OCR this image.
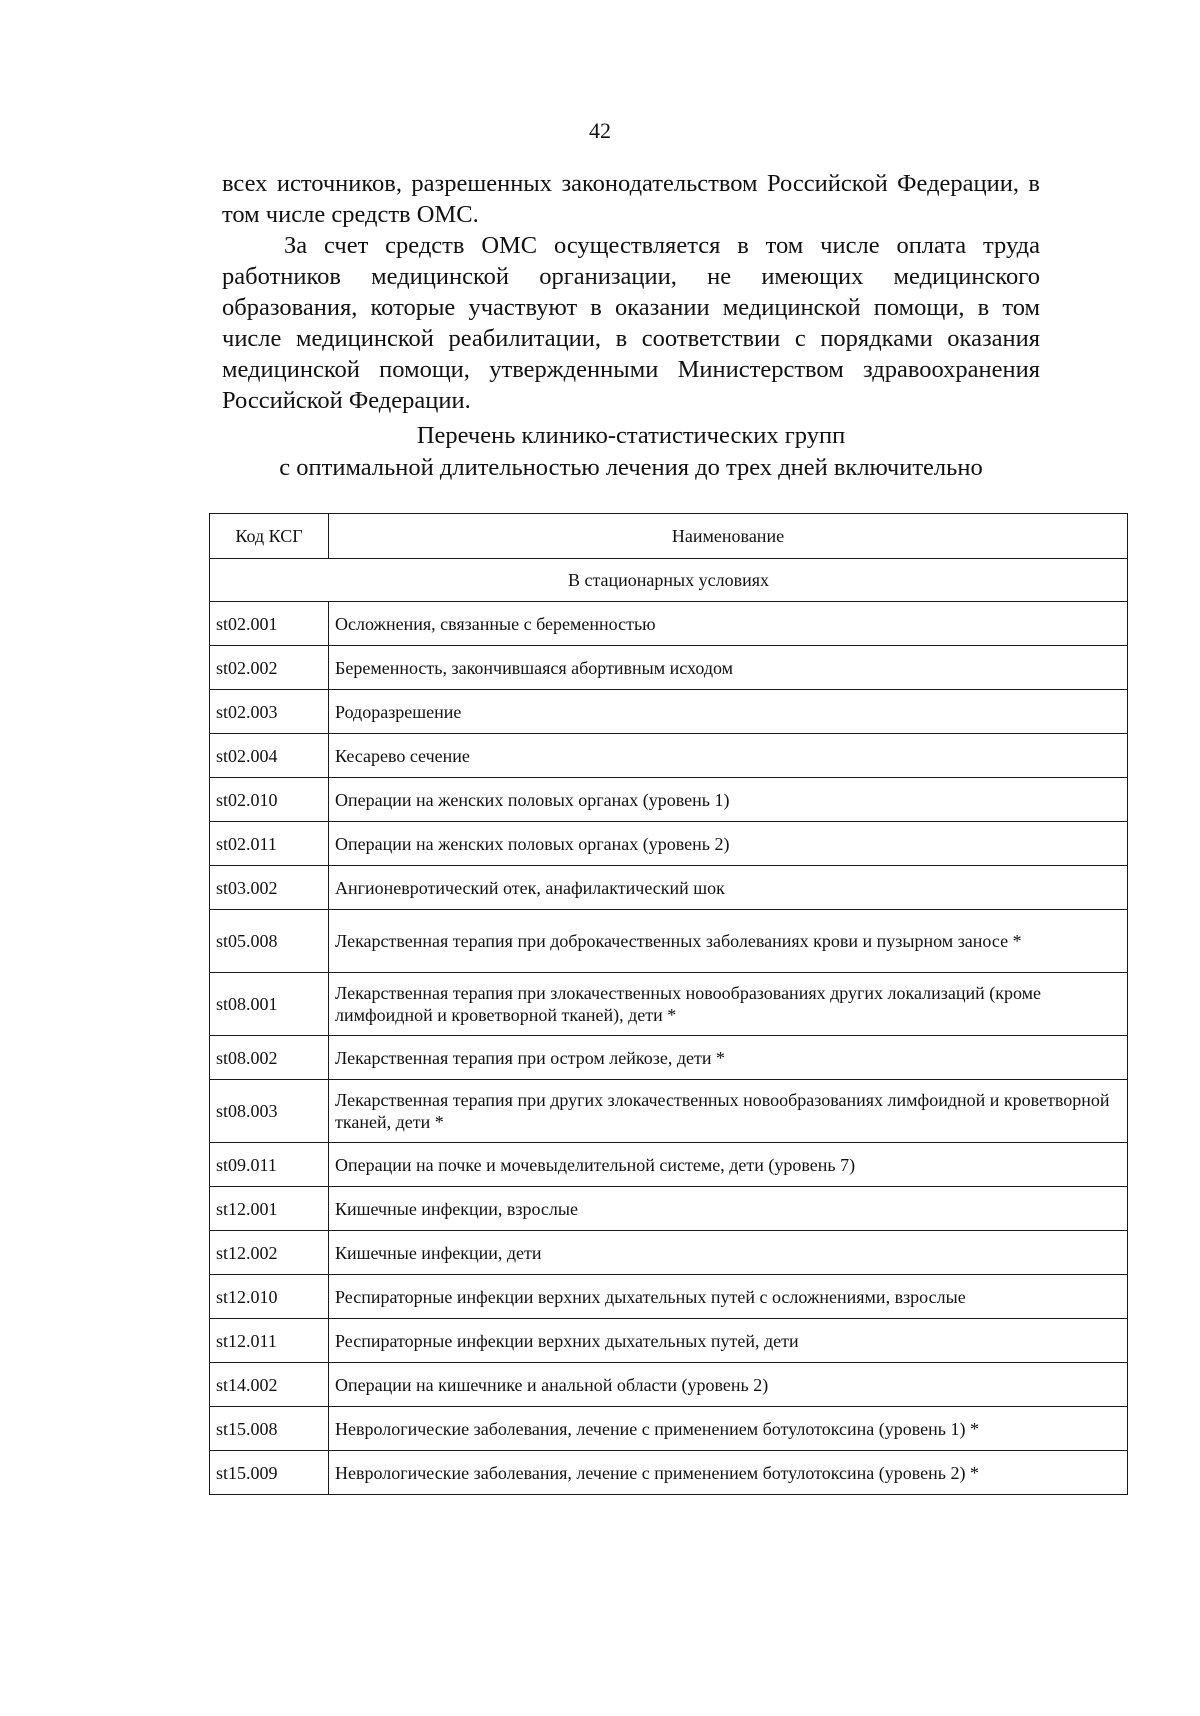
42

всех источников, разрешенных законодательством Российской Федерации, в том числе средств ОМС.

За счет средств ОМС осуществляется в том числе оплата труда работников медицинской организации, не имеющих медицинского образования, которые участвуют в оказании медицинской помощи, в том числе медицинской реабилитации, в соответствии с порядками оказания медицинской помощи, утвержденными Министерством здравоохранения Российской Федерации.

Перечень клинико-статистических групп
с оптимальной длительностью лечения до трех дней включительно
Код КСГ	Наименование
В стационарных условиях	
st02.001	Осложнения, связанные с беременностью
st02.002	Беременность, закончившаяся абортивным исходом
st02.003	Родоразрешение
st02.004	Кесарево сечение
st02.010	Операции на женских половых органах (уровень 1)
st02.011	Операции на женских половых органах (уровень 2)
st03.002	Ангионевротический отек, анафилактический шок
st05.008	Лекарственная терапия при доброкачественных заболеваниях крови и пузырном заносе *
st08.001	Лекарственная терапия при злокачественных новообразованиях других локализаций (кроме лимфоидной и кроветворной тканей), дети *
st08.002	Лекарственная терапия при остром лейкозе, дети *
st08.003	Лекарственная терапия при других злокачественных новообразованиях лимфоидной и кроветворной тканей, дети *
st09.011	Операции на почке и мочевыделительной системе, дети (уровень 7)
st12.001	Кишечные инфекции, взрослые
st12.002	Кишечные инфекции, дети
st12.010	Респираторные инфекции верхних дыхательных путей с осложнениями, взрослые
st12.011	Респираторные инфекции верхних дыхательных путей, дети
st14.002	Операции на кишечнике и анальной области (уровень 2)
st15.008	Неврологические заболевания, лечение с применением ботулотоксина (уровень 1) *
st15.009	Неврологические заболевания, лечение с применением ботулотоксина (уровень 2) *
